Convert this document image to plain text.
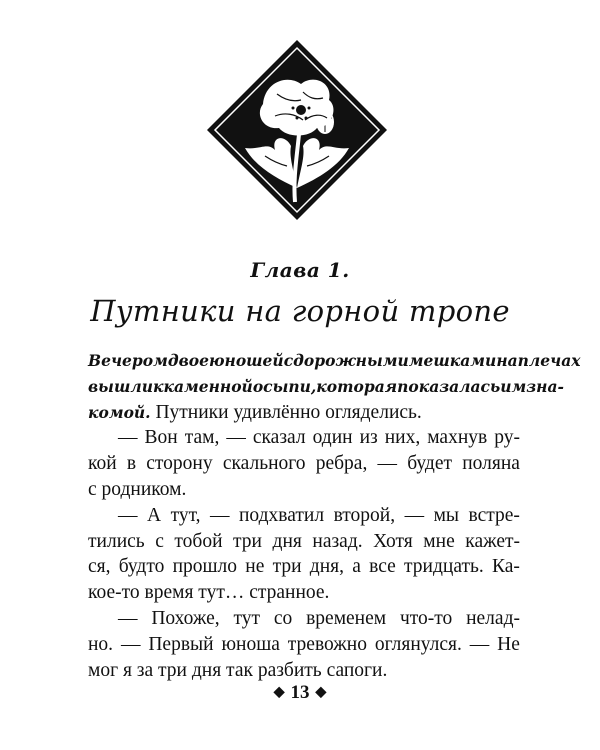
Глава 1.
Путники на горной тропе
Вечером двое юношей с дорожными мешками на плечах
вышли к каменной осыпи, которая показалась им зна-
комой. Путники удивлённо огляделись.
— Вон там, — сказал один из них, махнув ру-
кой в сторону скального ребра, — будет поляна
с родником.
— А тут, — подхватил второй, — мы встре-
тились с тобой три дня назад. Хотя мне кажет-
ся, будто прошло не три дня, а все тридцать. Ка-
кое-то время тут… странное.
— Похоже, тут со временем что-то нелад-
но. — Первый юноша тревожно оглянулся. — Не
мог я за три дня так разбить сапоги.
◆ 13 ◆
